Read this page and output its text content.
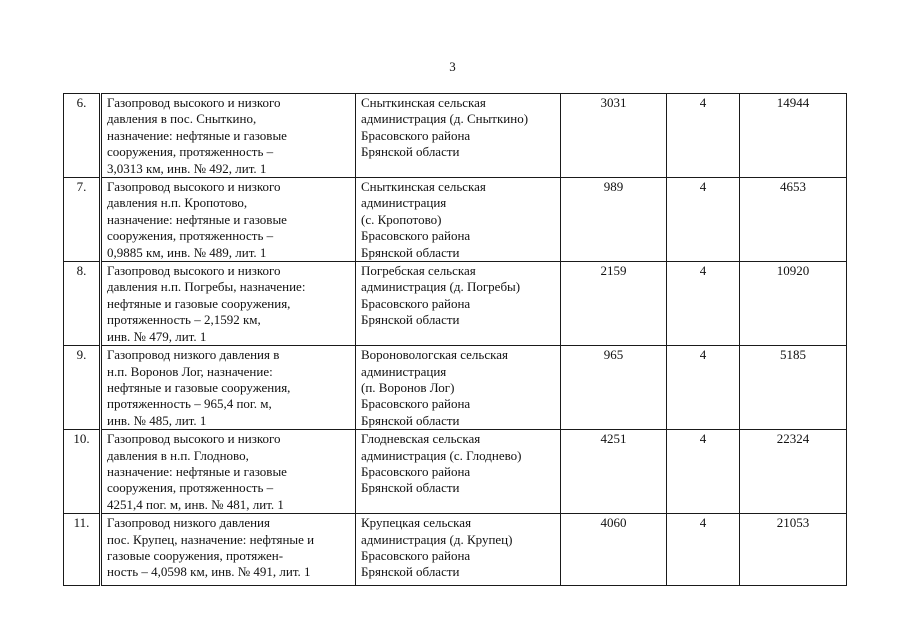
3
6.	Газопровод высокого и низкого
давления в пос. Сныткино,
назначение: нефтяные и газовые
сооружения, протяженность –
3,0313 км, инв. № 492, лит. 1	Сныткинская сельская
администрация (д. Сныткино)
Брасовского района
Брянской области	3031	4	14944
7.	Газопровод высокого и низкого
давления н.п. Кропотово,
назначение: нефтяные и газовые
сооружения, протяженность –
0,9885 км, инв. № 489, лит. 1	Сныткинская сельская
администрация
(с. Кропотово)
Брасовского района
Брянской области	989	4	4653
8.	Газопровод высокого и низкого
давления н.п. Погребы, назначение:
нефтяные и газовые сооружения,
протяженность – 2,1592 км,
инв. № 479, лит. 1	Погребская сельская
администрация (д. Погребы)
Брасовского района
Брянской области	2159	4	10920
9.	Газопровод низкого давления в
н.п. Воронов Лог, назначение:
нефтяные и газовые сооружения,
протяженность – 965,4 пог. м,
инв. № 485, лит. 1	Вороновологская сельская
администрация
(п. Воронов Лог)
Брасовского района
Брянской области	965	4	5185
10.	Газопровод высокого и низкого
давления в н.п. Глодново,
назначение: нефтяные и газовые
сооружения, протяженность –
4251,4 пог. м, инв. № 481, лит. 1	Глодневская сельская
администрация (с. Глоднево)
Брасовского района
Брянской области	4251	4	22324
11.	Газопровод низкого давления
пос. Крупец, назначение: нефтяные и
газовые сооружения, протяжен-
ность – 4,0598 км, инв. № 491, лит. 1	Крупецкая сельская
администрация (д. Крупец)
Брасовского района
Брянской области	4060	4	21053
